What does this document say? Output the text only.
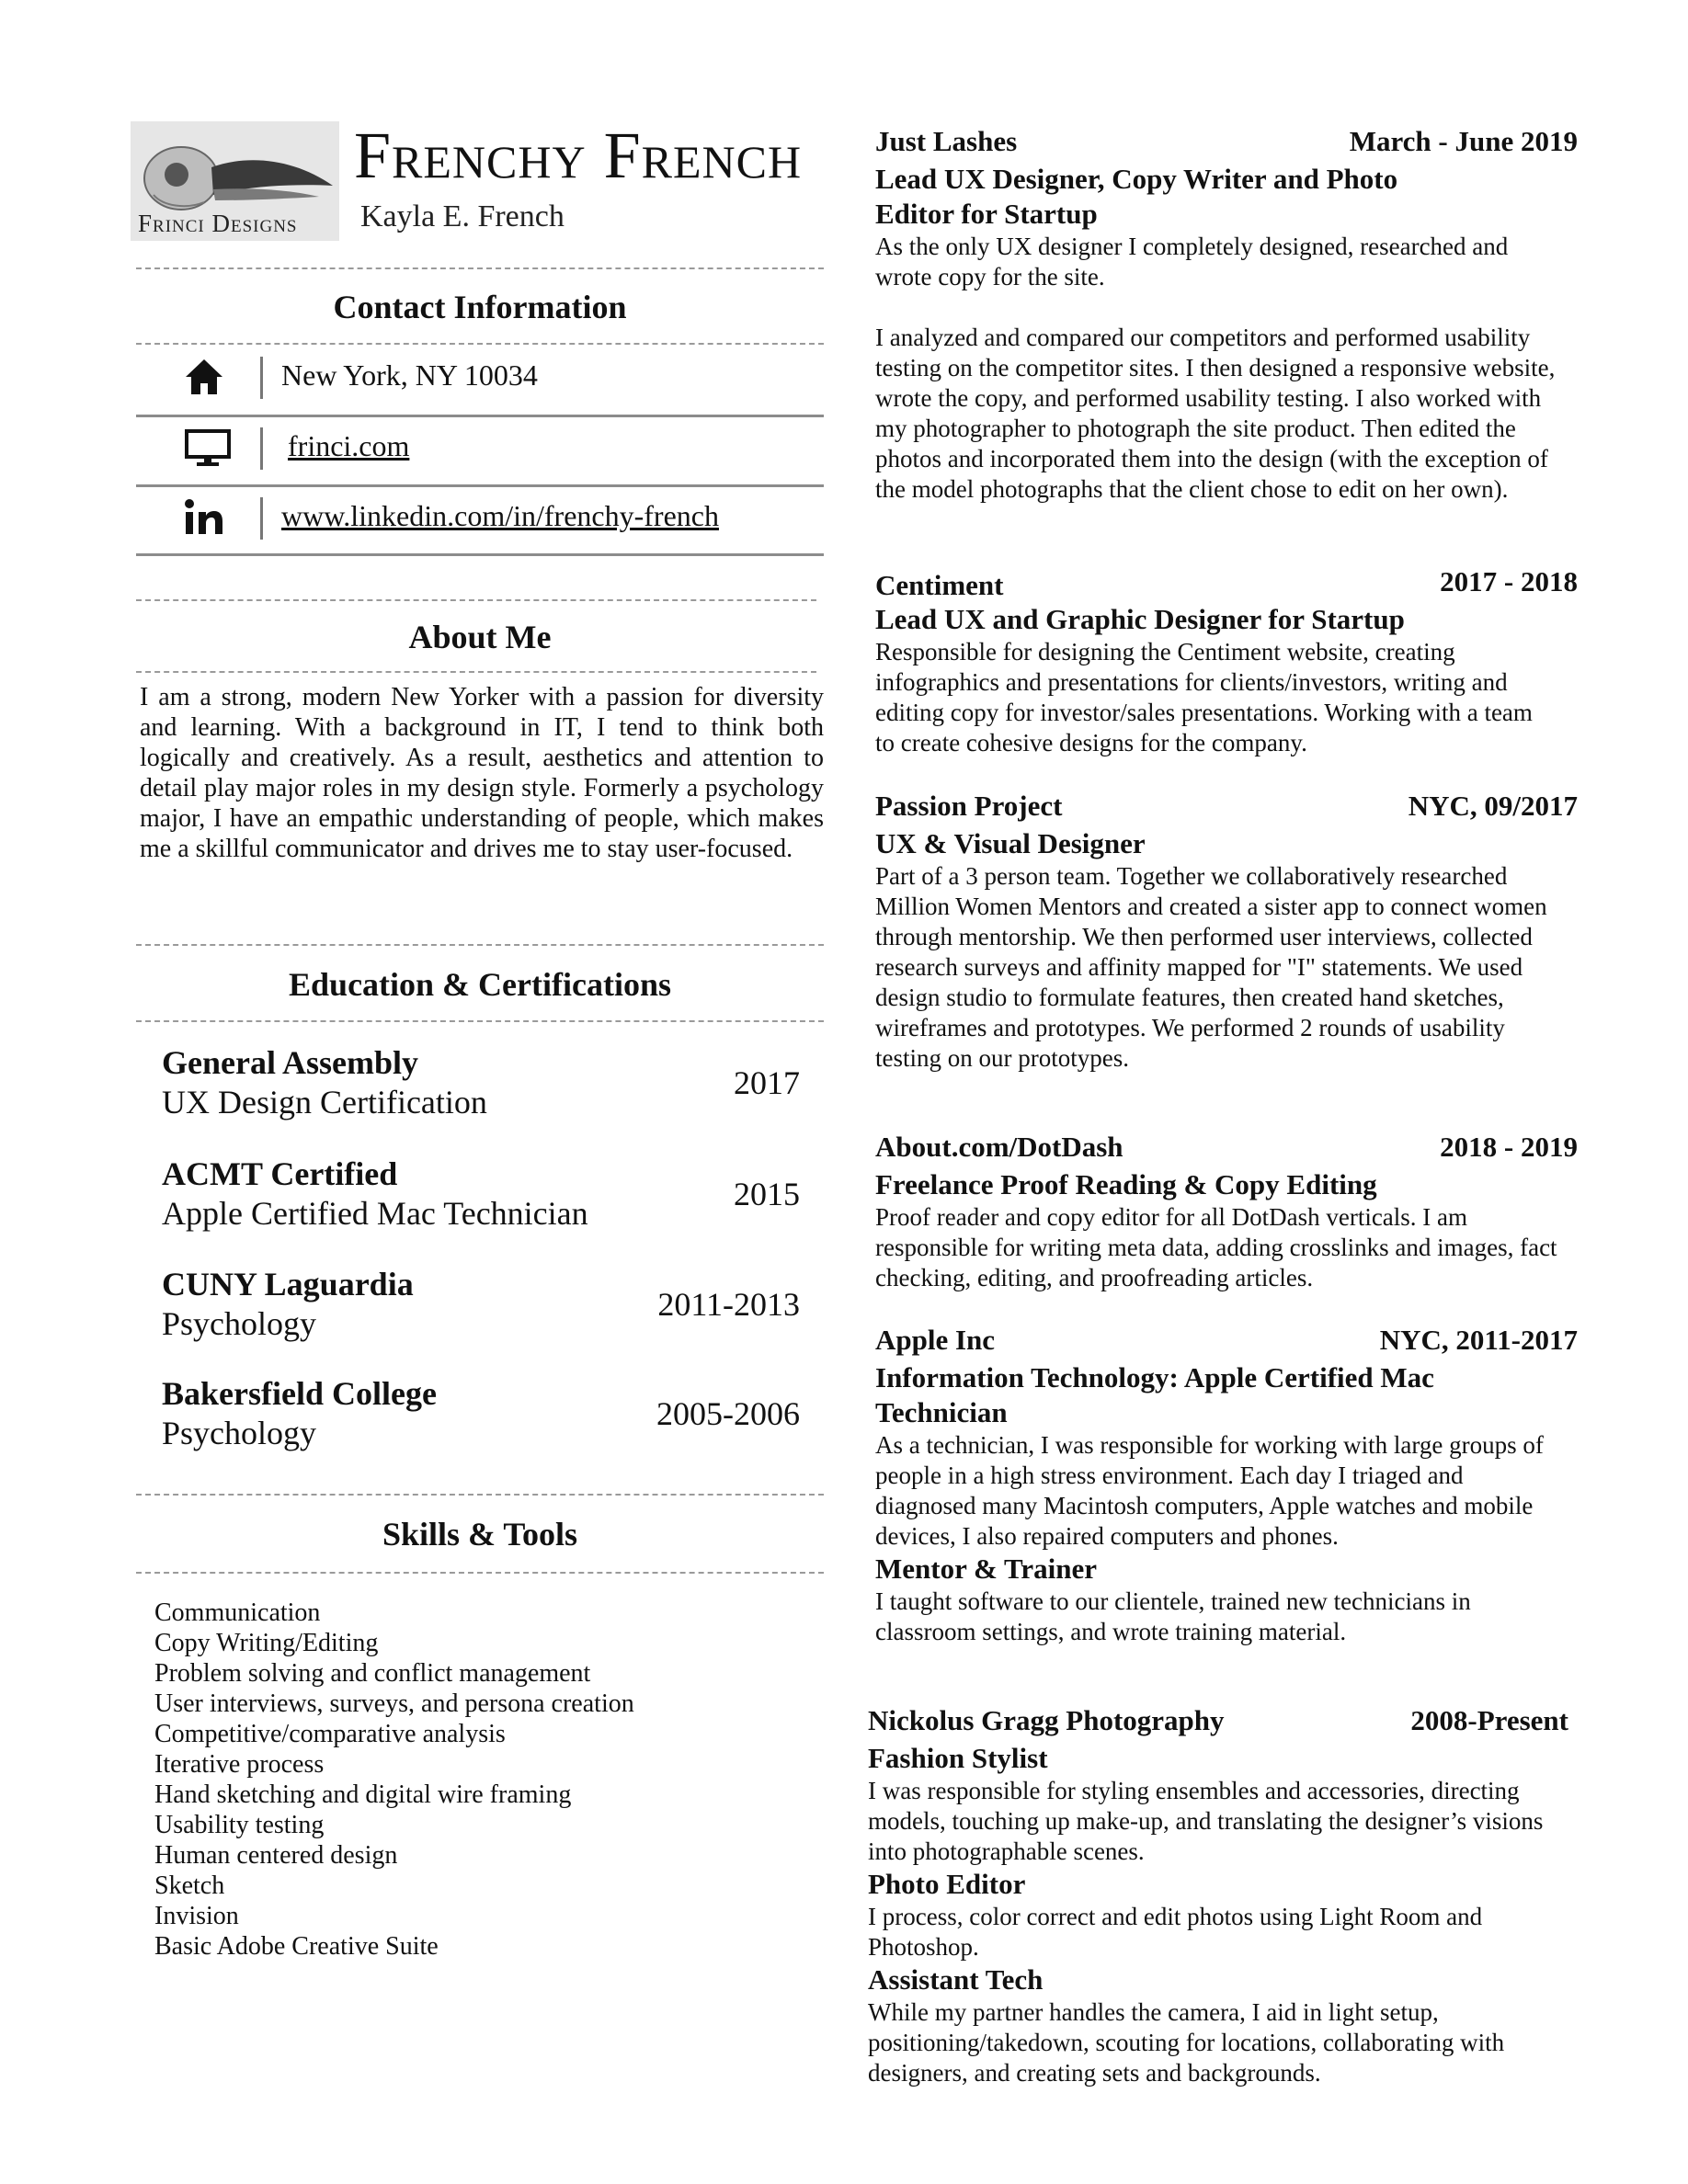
Frinci Designs
Frenchy French
Kayla E. French
Contact Information
New York, NY 10034
frinci.com
www.linkedin.com/in/frenchy-french
About Me
I am a strong, modern New Yorker with a passion for diversity and learning. With a background in IT, I tend to think both logically and creatively. As a result, aesthetics and attention to detail play major roles in my design style. Formerly a psychology major, I have an empathic understanding of people, which makes me a skillful communicator and drives me to stay user-focused.
Education & Certifications
General Assembly
UX Design Certification
2017
ACMT Certified
Apple Certified Mac Technician
2015
CUNY Laguardia
Psychology
2011-2013
Bakersfield College
Psychology
2005-2006
Skills & Tools
Communication
Copy Writing/Editing
Problem solving and conflict management
User interviews, surveys, and persona creation
Competitive/comparative analysis
Iterative process
Hand sketching and digital wire framing
Usability testing
Human centered design
Sketch
Invision
Basic Adobe Creative Suite
Just Lashes	March - June 2019
Lead UX Designer, Copy Writer and Photo Editor for Startup
As the only UX designer I completely designed, researched and wrote copy for the site.
I analyzed and compared our competitors and performed usability testing on the competitor sites. I then designed a responsive website, wrote the copy, and performed usability testing. I also worked with my photographer to photograph the site product. Then edited the photos and incorporated them into the design (with the exception of the model photographs that the client chose to edit on her own).
Centiment	2017 - 2018
Lead UX and Graphic Designer for Startup
Responsible for designing the Centiment website, creating infographics and presentations for clients/investors, writing and editing copy for investor/sales presentations. Working with a team to create cohesive designs for the company.
Passion Project	NYC, 09/2017
UX & Visual Designer
Part of a 3 person team. Together we collaboratively researched Million Women Mentors and created a sister app to connect women through mentorship. We then performed user interviews, collected research surveys and affinity mapped for "I" statements. We used design studio to formulate features, then created hand sketches, wireframes and prototypes. We performed 2 rounds of usability testing on our prototypes.
About.com/DotDash	2018 - 2019
Freelance Proof Reading & Copy Editing
Proof reader and copy editor for all DotDash verticals. I am responsible for writing meta data, adding crosslinks and images, fact checking, editing, and proofreading articles.
Apple Inc	NYC, 2011-2017
Information Technology: Apple Certified Mac Technician
As a technician, I was responsible for working with large groups of people in a high stress environment. Each day I triaged and diagnosed many Macintosh computers, Apple watches and mobile devices, I also repaired computers and phones.
Mentor & Trainer
I taught software to our clientele, trained new technicians in classroom settings, and wrote training material.
Nickolus Gragg Photography	2008-Present
Fashion Stylist
I was responsible for styling ensembles and accessories, directing models, touching up make-up, and translating the designer’s visions into photographable scenes.
Photo Editor
I process, color correct and edit photos using Light Room and Photoshop.
Assistant Tech
While my partner handles the camera, I aid in light setup, positioning/takedown, scouting for locations, collaborating with designers, and creating sets and backgrounds.
